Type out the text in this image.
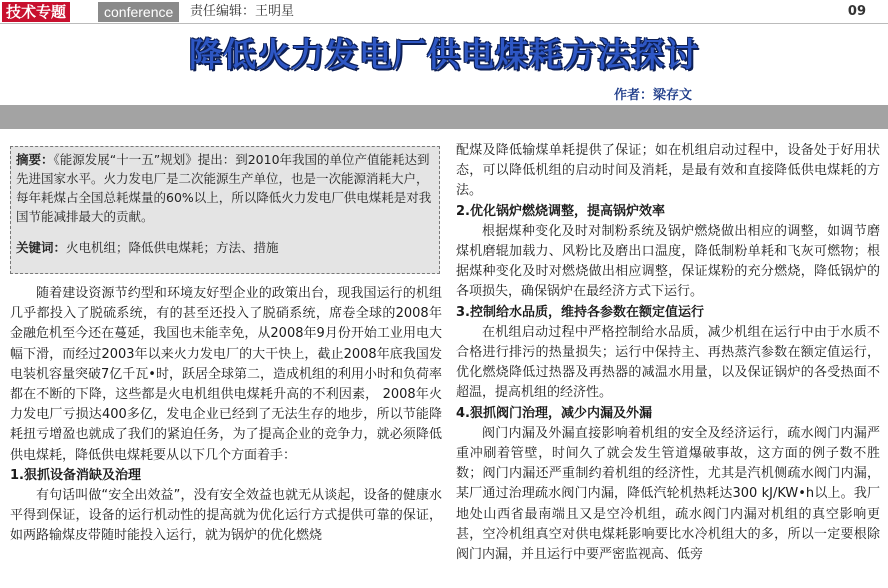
技术专题	conference	责任编辑：王明星	09
降低火力发电厂供电煤耗方法探讨
作者：梁存文
摘要：《能源发展“十一五”规划》提出：到2010年我国的单位产值能耗达到先进国家水平。火力发电厂是二次能源生产单位，也是一次能源消耗大户，每年耗煤占全国总耗煤量的60%以上，所以降低火力发电厂供电煤耗是对我国节能减排最大的贡献。
关键词：火电机组；降低供电煤耗；方法、措施

随着建设资源节约型和环境友好型企业的政策出台，现我国运行的机组几乎都投入了脱硫系统，有的甚至还投入了脱硝系统，席卷全球的2008年金融危机至今还在蔓延，我国也未能幸免，从2008年9月份开始工业用电大幅下滑，而经过2003年以来火力发电厂的大干快上，截止2008年底我国发电装机容量突破7亿千瓦•时，跃居全球第二，造成机组的利用小时和负荷率都在不断的下降，这些都是火电机组供电煤耗升高的不利因素， 2008年火力发电厂亏损达400多亿，发电企业已经到了无法生存的地步，所以节能降耗扭亏增盈也就成了我们的紧迫任务，为了提高企业的竞争力，就必须降低供电煤耗，降低供电煤耗要从以下几个方面着手：

1.狠抓设备消缺及治理

有句话叫做“安全出效益”，没有安全效益也就无从谈起，设备的健康水平得到保证，设备的运行机动性的提高就为优化运行方式提供可靠的保证，如两路输煤皮带随时能投入运行，就为锅炉的优化燃烧

配煤及降低输煤单耗提供了保证；如在机组启动过程中，设备处于好用状态，可以降低机组的启动时间及消耗，是最有效和直接降低供电煤耗的方法。

2.优化锅炉燃烧调整，提高锅炉效率

根据煤种变化及时对制粉系统及锅炉燃烧做出相应的调整，如调节磨煤机磨辊加载力、风粉比及磨出口温度，降低制粉单耗和飞灰可燃物；根据煤种变化及时对燃烧做出相应调整，保证煤粉的充分燃烧，降低锅炉的各项损失，确保锅炉在最经济方式下运行。

3.控制给水品质，维持各参数在额定值运行

在机组启动过程中严格控制给水品质，减少机组在运行中由于水质不合格进行排污的热量损失；运行中保持主、再热蒸汽参数在额定值运行，优化燃烧降低过热器及再热器的减温水用量，以及保证锅炉的各受热面不超温，提高机组的经济性。

4.狠抓阀门治理，减少内漏及外漏

阀门内漏及外漏直接影响着机组的安全及经济运行，疏水阀门内漏严重冲刷着管壁，时间久了就会发生管道爆破事故，这方面的例子数不胜数；阀门内漏还严重制约着机组的经济性，尤其是汽机侧疏水阀门内漏，某厂通过治理疏水阀门内漏，降低汽轮机热耗达300 kJ/KW•h以上。我厂地处山西省最南端且又是空冷机组，疏水阀门内漏对机组的真空影响更甚，空冷机组真空对供电煤耗影响要比水冷机组大的多，所以一定要根除阀门内漏，并且运行中要严密监视高、低旁
